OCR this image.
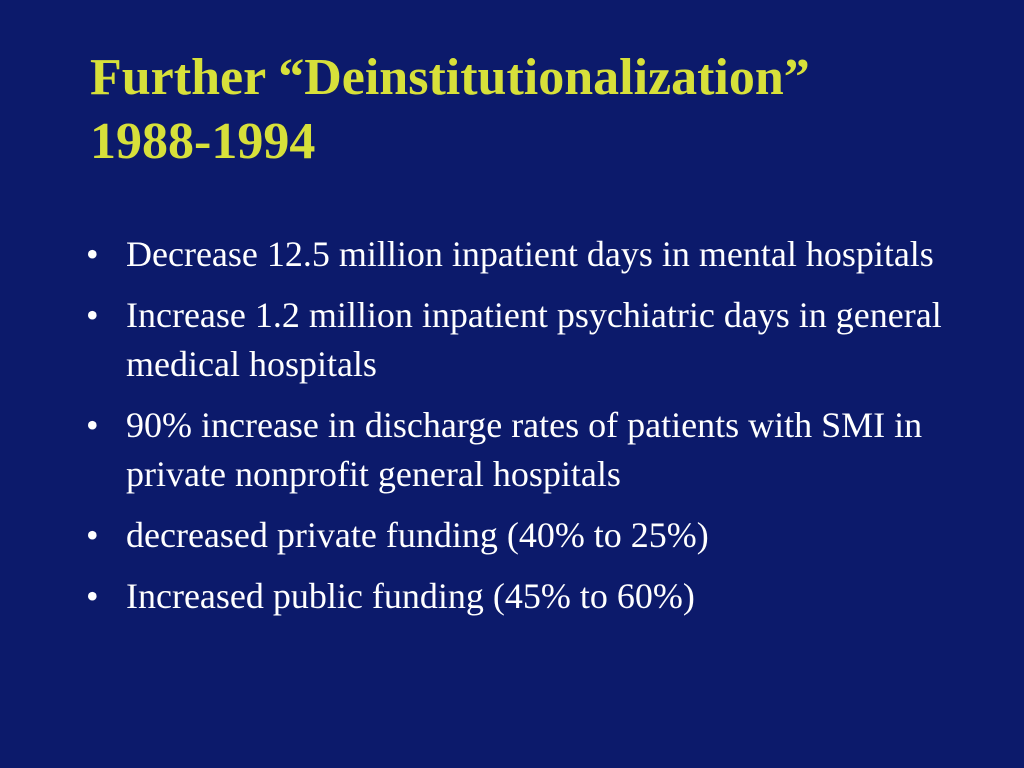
Further “Deinstitutionalization”
1988-1994
• Decrease 12.5 million inpatient days in mental hospitals
• Increase 1.2 million inpatient psychiatric days in general medical hospitals
• 90% increase in discharge rates of patients with SMI in private nonprofit general hospitals
• decreased private funding (40% to 25%)
• Increased public funding (45% to 60%)
